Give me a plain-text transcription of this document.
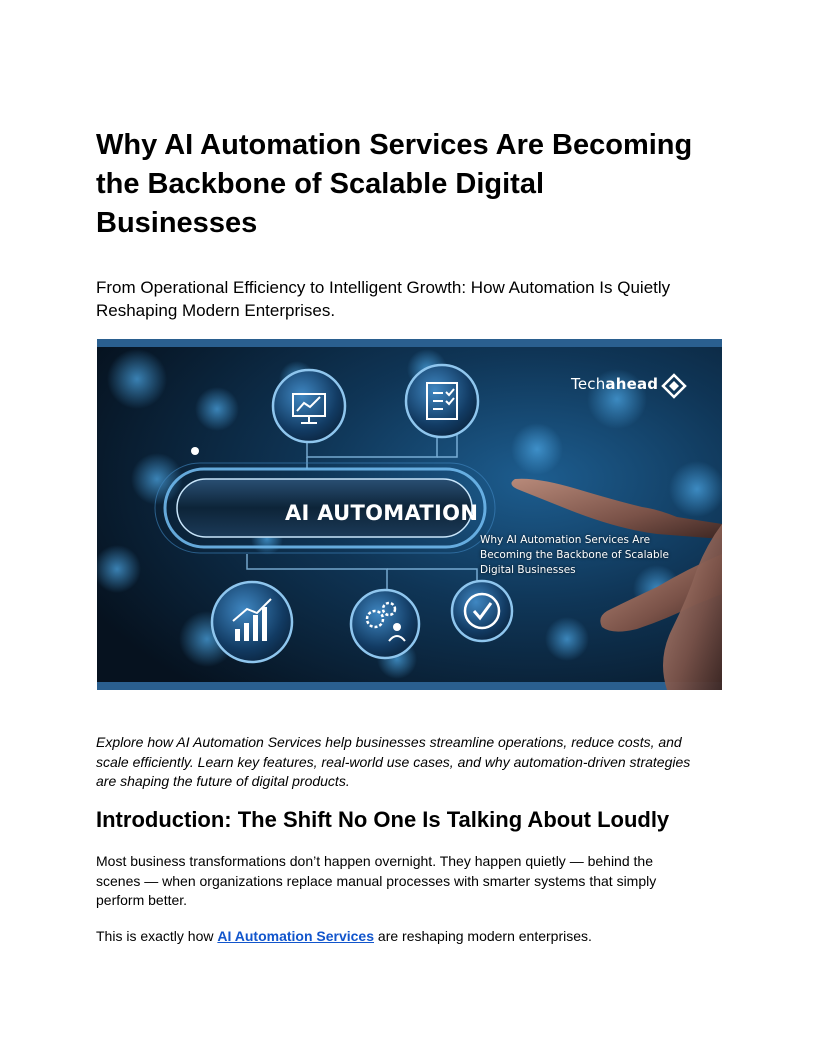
Why AI Automation Services Are Becoming
the Backbone of Scalable Digital
Businesses

From Operational Efficiency to Intelligent Growth: How Automation Is Quietly
Reshaping Modern Enterprises.

Techahead
AI AUTOMATION
Why AI Automation Services Are
Becoming the Backbone of Scalable
Digital Businesses

Explore how AI Automation Services help businesses streamline operations, reduce costs, and
scale efficiently. Learn key features, real-world use cases, and why automation-driven strategies
are shaping the future of digital products.

Introduction: The Shift No One Is Talking About Loudly

Most business transformations don’t happen overnight. They happen quietly — behind the
scenes — when organizations replace manual processes with smarter systems that simply
perform better.

This is exactly how AI Automation Services are reshaping modern enterprises.
